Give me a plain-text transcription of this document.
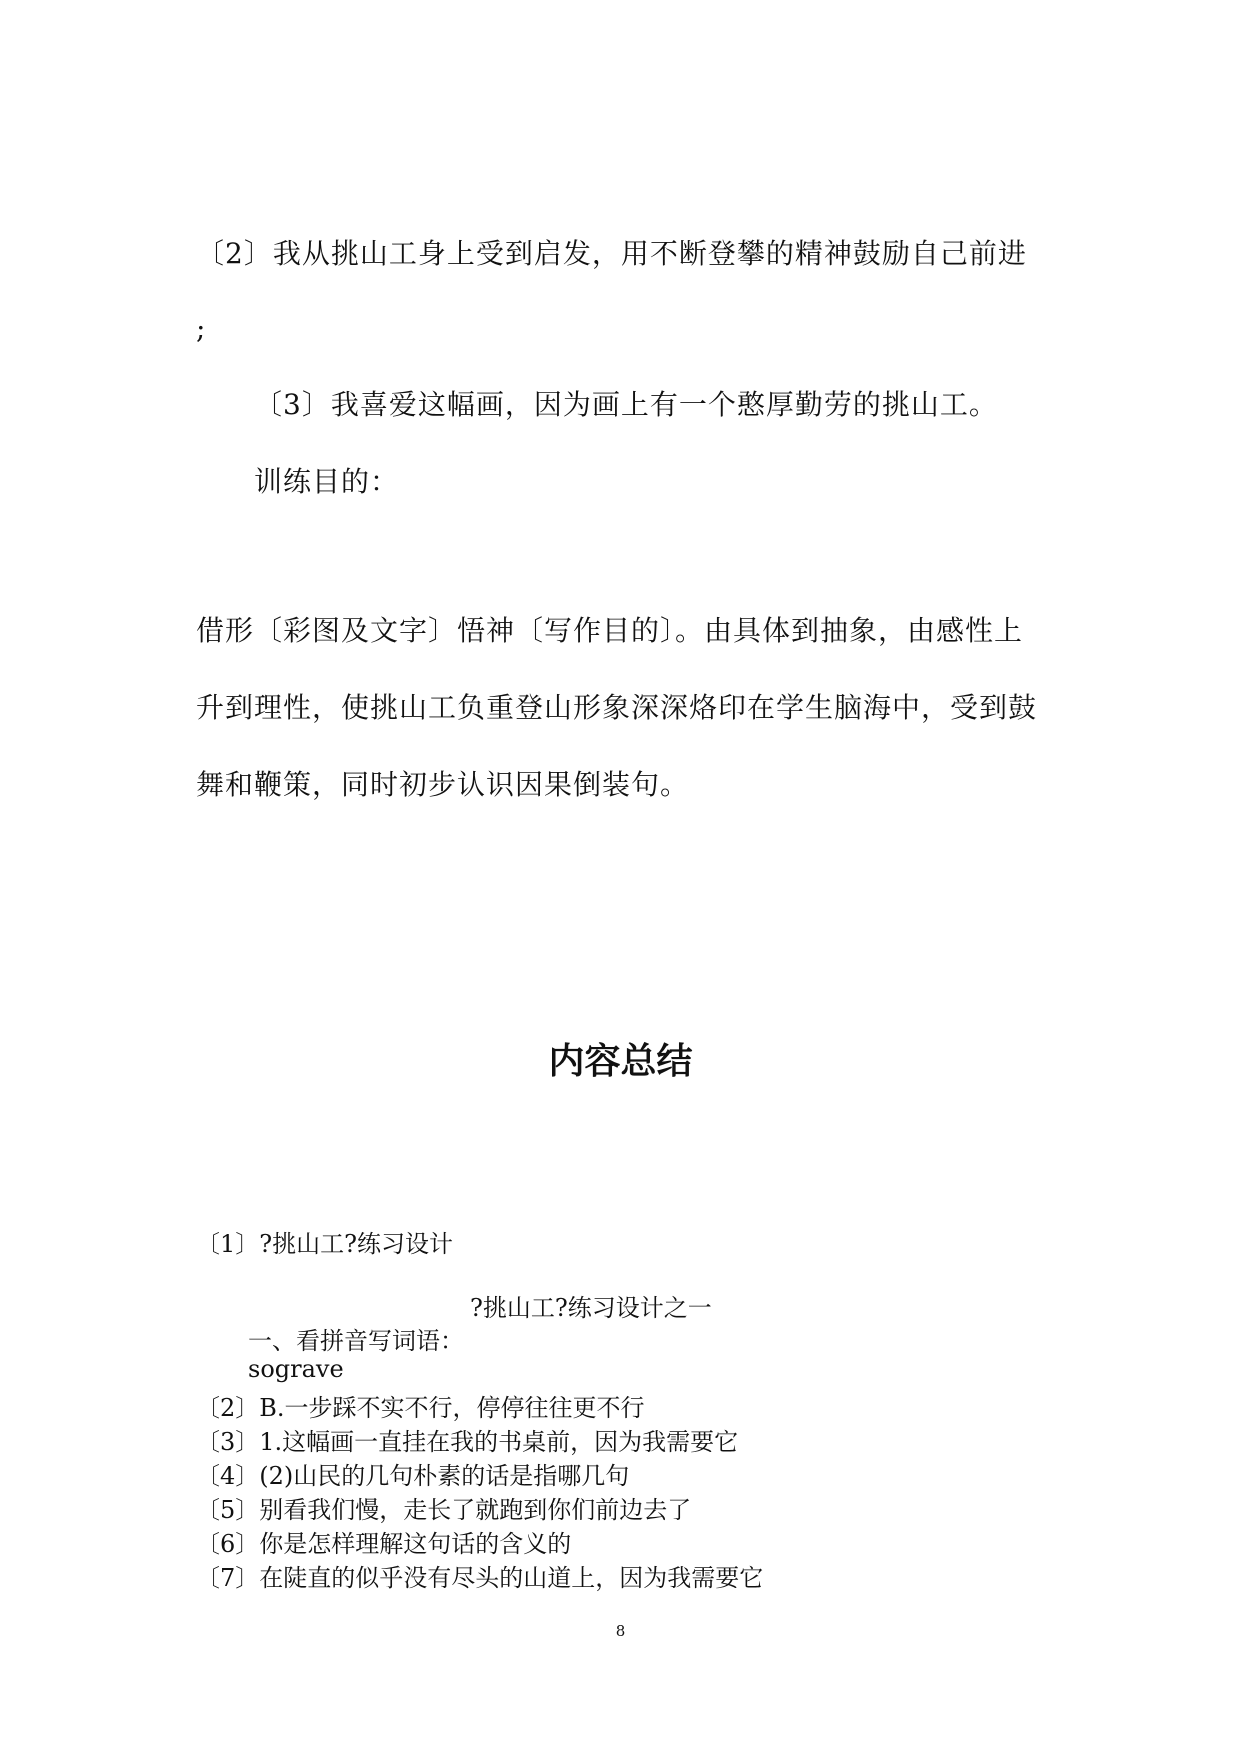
〔2〕我从挑山工身上受到启发，用不断登攀的精神鼓励自己前进
;
〔3〕我喜爱这幅画，因为画上有一个憨厚勤劳的挑山工。
训练目的：
借形〔彩图及文字〕悟神〔写作目的〕。由具体到抽象，由感性上
升到理性，使挑山工负重登山形象深深烙印在学生脑海中，受到鼓
舞和鞭策，同时初步认识因果倒装句。
内容总结
〔1〕?挑山工?练习设计
?挑山工?练习设计之一
一、看拼音写词语：
sograve
〔2〕B.一步踩不实不行，停停往往更不行
〔3〕1.这幅画一直挂在我的书桌前，因为我需要它
〔4〕(2)山民的几句朴素的话是指哪几句
〔5〕别看我们慢，走长了就跑到你们前边去了
〔6〕你是怎样理解这句话的含义的
〔7〕在陡直的似乎没有尽头的山道上，因为我需要它
8
